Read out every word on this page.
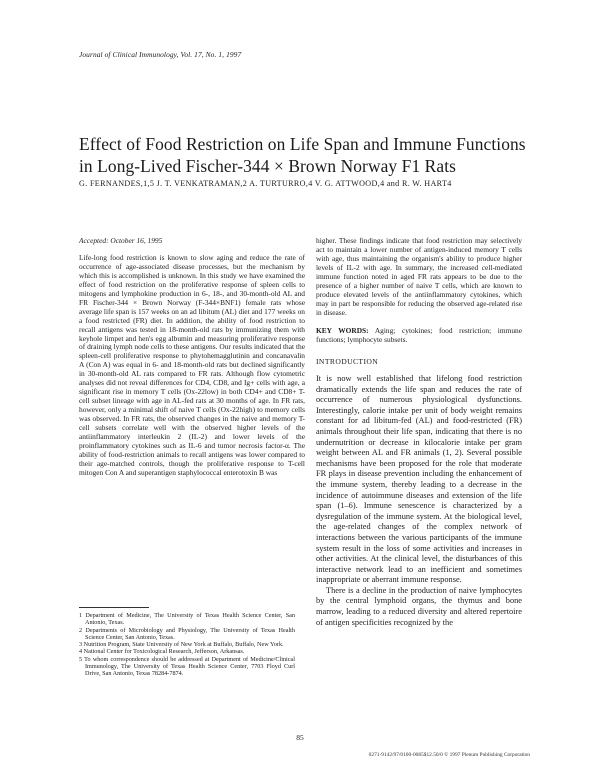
Journal of Clinical Immunology, Vol. 17, No. 1, 1997
Effect of Food Restriction on Life Span and Immune Functions in Long-Lived Fischer-344 × Brown Norway F1 Rats
G. FERNANDES,1,5 J. T. VENKATRAMAN,2 A. TURTURRO,4 V. G. ATTWOOD,4 and R. W. HART4
Accepted: October 16, 1995

Life-long food restriction is known to slow aging and reduce the rate of occurrence of age-associated disease processes, but the mechanism by which this is accomplished is unknown. In this study we have examined the effect of food restriction on the proliferative response of spleen cells to mitogens and lymphokine production in 6-, 18-, and 30-month-old AL and FR Fischer-344 × Brown Norway (F-344×BNF1) female rats whose average life span is 157 weeks on an ad libitum (AL) diet and 177 weeks on a food restricted (FR) diet. In addition, the ability of food restriction to recall antigens was tested in 18-month-old rats by immunizing them with keyhole limpet and hen's egg albumin and measuring proliferative response of draining lymph node cells to these antigens. Our results indicated that the spleen-cell proliferative response to phytohemagglutinin and concanavalin A (Con A) was equal in 6- and 18-month-old rats but declined significantly in 30-month-old AL rats compared to FR rats. Although flow cytometric analyses did not reveal differences for CD4, CD8, and Ig+ cells with age, a significant rise in memory T cells (Ox-22low) in both CD4+ and CD8+ T-cell subset lineage with age in AL-fed rats at 30 months of age. In FR rats, however, only a minimal shift of naive T cells (Ox-22high) to memory cells was observed. In FR rats, the observed changes in the naive and memory T-cell subsets correlate well with the observed higher levels of the antiinflammatory interleukin 2 (IL-2) and lower levels of the proinflammatory cytokines such as IL-6 and tumor necrosis factor-α. The ability of food-restriction animals to recall antigens was lower compared to their age-matched controls, though the proliferative response to T-cell mitogen Con A and superantigen staphylococcal enterotoxin B was

higher. These findings indicate that food restriction may selectively act to maintain a lower number of antigen-induced memory T cells with age, thus maintaining the organism's ability to produce higher levels of IL-2 with age. In summary, the increased cell-mediated immune function noted in aged FR rats appears to be due to the presence of a higher number of naive T cells, which are known to produce elevated levels of the antiinflammatory cytokines, which may in part be responsible for reducing the observed age-related rise in disease.

KEY WORDS: Aging; cytokines; food restriction; immune functions; lymphocyte subsets.
INTRODUCTION

It is now well established that lifelong food restriction dramatically extends the life span and reduces the rate of occurrence of numerous physiological dysfunctions. Interestingly, calorie intake per unit of body weight remains constant for ad libitum-fed (AL) and food-restricted (FR) animals throughout their life span, indicating that there is no undernutrition or decrease in kilocalorie intake per gram weight between AL and FR animals (1, 2). Several possible mechanisms have been proposed for the role that moderate FR plays in disease prevention including the enhancement of the immune system, thereby leading to a decrease in the incidence of autoimmune diseases and extension of the life span (1–6). Immune senescence is characterized by a dysregulation of the immune system. At the biological level, the age-related changes of the complex network of interactions between the various participants of the immune system result in the loss of some activities and increases in other activities. At the clinical level, the disturbances of this interactive network lead to an inefficient and sometimes inappropriate or aberrant immune response.

There is a decline in the production of naive lymphocytes by the central lymphoid organs, the thymus and bone marrow, leading to a reduced diversity and altered repertoire of antigen specificities recognized by the

1 Department of Medicine, The University of Texas Health Science Center, San Antonio, Texas.

2 Departments of Microbiology and Physiology, The University of Texas Health Science Center, San Antonio, Texas.

3 Nutrition Program, State University of New York at Buffalo, Buffalo, New York.

4 National Center for Toxicological Research, Jefferson, Arkansas.

5 To whom correspondence should be addressed at Department of Medicine/Clinical Immunology, The University of Texas Health Science Center, 7703 Floyd Curl Drive, San Antonio, Texas 78284-7874.

85
0271-9142/97/0100-0085$12.50/0 © 1997 Plenum Publishing Corporation
